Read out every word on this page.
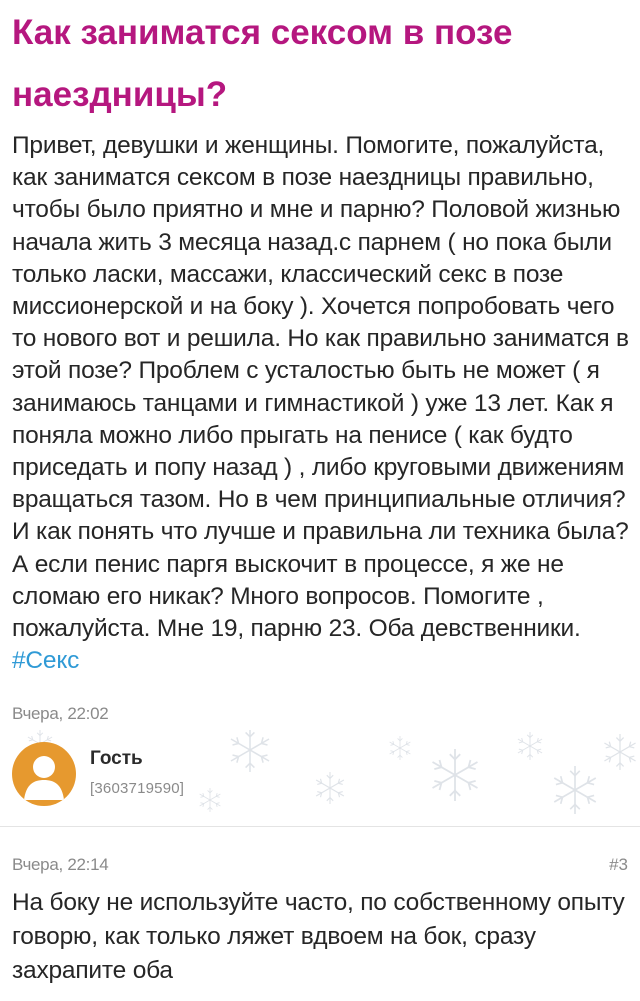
Как заниматся сексом в позе наездницы?

Привет, девушки и женщины. Помогите, пожалуйста, как заниматся сексом в позе наездницы правильно, чтобы было приятно и мне и парню? Половой жизнью начала жить 3 месяца назад.с парнем ( но пока были только ласки, массажи, классический секс в позе миссионерской и на боку ). Хочется попробовать чего то нового вот и решила. Но как правильно заниматся в этой позе? Проблем с усталостью быть не может ( я занимаюсь танцами и гимнастикой ) уже 13 лет. Как я поняла можно либо прыгать на пенисе ( как будто приседать и попу назад ) , либо круговыми движениям вращаться тазом. Но в чем принципиальные отличия? И как понять что лучше и правильна ли техника была? А если пенис паргя выскочит в процессе, я же не сломаю его никак? Много вопросов. Помогите , пожалуйста. Мне 19, парню 23. Оба девственники. #Секс

Вчера, 22:02
Гость
[3603719590]
Вчера, 22:14	#3

На боку не используйте часто, по собственному опыту говорю, как только ляжет вдвоем на бок, сразу захрапите оба
